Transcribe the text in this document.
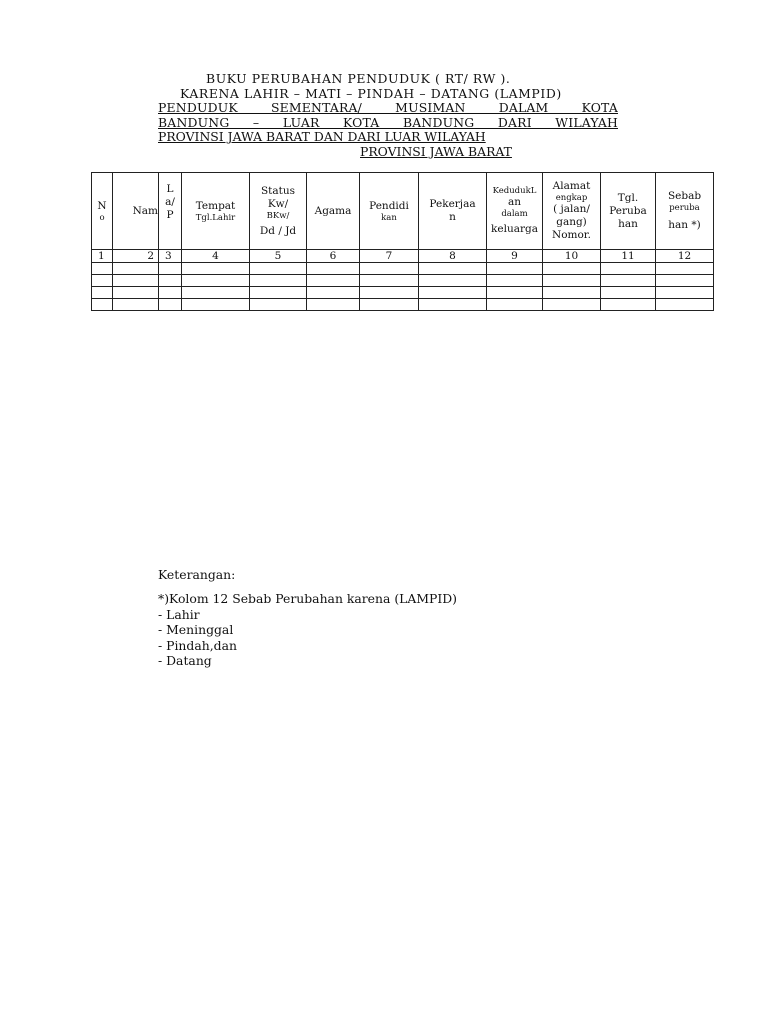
BUKU PERUBAHAN PENDUDUK ( RT/ RW ).
KARENA LAHIR – MATI – PINDAH – DATANG (LAMPID)
PENDUDUK SEMENTARA/ MUSIMAN DALAM KOTA
BANDUNG – LUAR KOTA BANDUNG DARI WILAYAH
PROVINSI JAWA BARAT DAN DARI LUAR WILAYAH
PROVINSI JAWA BARAT
N
o	Nam	L
a/
P	Tempat
Tgl.Lahir	Status
Kw/
BKw/
Dd / Jd	Agama	Pendidi
kan	Pekerjaa
n	KedudukL
an
dalam
keluarga	Alamat
engkap
( jalan/
gang)
Nomor.	Tgl.
Peruba
han	Sebab
peruba
han *)

1	2	3	4	5	6	7	8	9	10	11	12

Keterangan:
*)Kolom 12 Sebab Perubahan karena (LAMPID)
- Lahir
- Meninggal
- Pindah,dan
- Datang
